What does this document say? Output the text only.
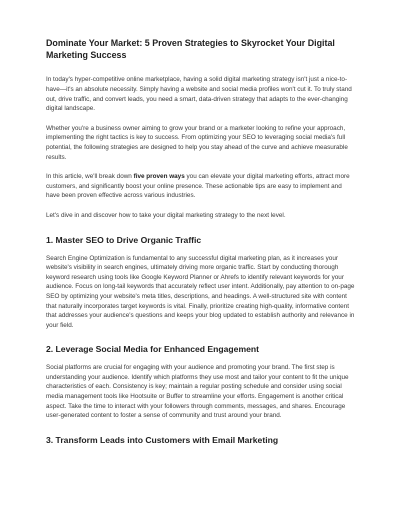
Dominate Your Market: 5 Proven Strategies to Skyrocket Your Digital Marketing Success

In today's hyper-competitive online marketplace, having a solid digital marketing strategy isn't just a nice-to-have—it's an absolute necessity. Simply having a website and social media profiles won't cut it. To truly stand out, drive traffic, and convert leads, you need a smart, data-driven strategy that adapts to the ever-changing digital landscape.

Whether you're a business owner aiming to grow your brand or a marketer looking to refine your approach, implementing the right tactics is key to success. From optimizing your SEO to leveraging social media's full potential, the following strategies are designed to help you stay ahead of the curve and achieve measurable results.

In this article, we'll break down five proven ways you can elevate your digital marketing efforts, attract more customers, and significantly boost your online presence. These actionable tips are easy to implement and have been proven effective across various industries.

Let's dive in and discover how to take your digital marketing strategy to the next level.

1. Master SEO to Drive Organic Traffic

Search Engine Optimization is fundamental to any successful digital marketing plan, as it increases your website's visibility in search engines, ultimately driving more organic traffic. Start by conducting thorough keyword research using tools like Google Keyword Planner or Ahrefs to identify relevant keywords for your audience. Focus on long-tail keywords that accurately reflect user intent. Additionally, pay attention to on-page SEO by optimizing your website's meta titles, descriptions, and headings. A well-structured site with content that naturally incorporates target keywords is vital. Finally, prioritize creating high-quality, informative content that addresses your audience's questions and keeps your blog updated to establish authority and relevance in your field.

2. Leverage Social Media for Enhanced Engagement

Social platforms are crucial for engaging with your audience and promoting your brand. The first step is understanding your audience. Identify which platforms they use most and tailor your content to fit the unique characteristics of each. Consistency is key; maintain a regular posting schedule and consider using social media management tools like Hootsuite or Buffer to streamline your efforts. Engagement is another critical aspect. Take the time to interact with your followers through comments, messages, and shares. Encourage user-generated content to foster a sense of community and trust around your brand.

3. Transform Leads into Customers with Email Marketing
